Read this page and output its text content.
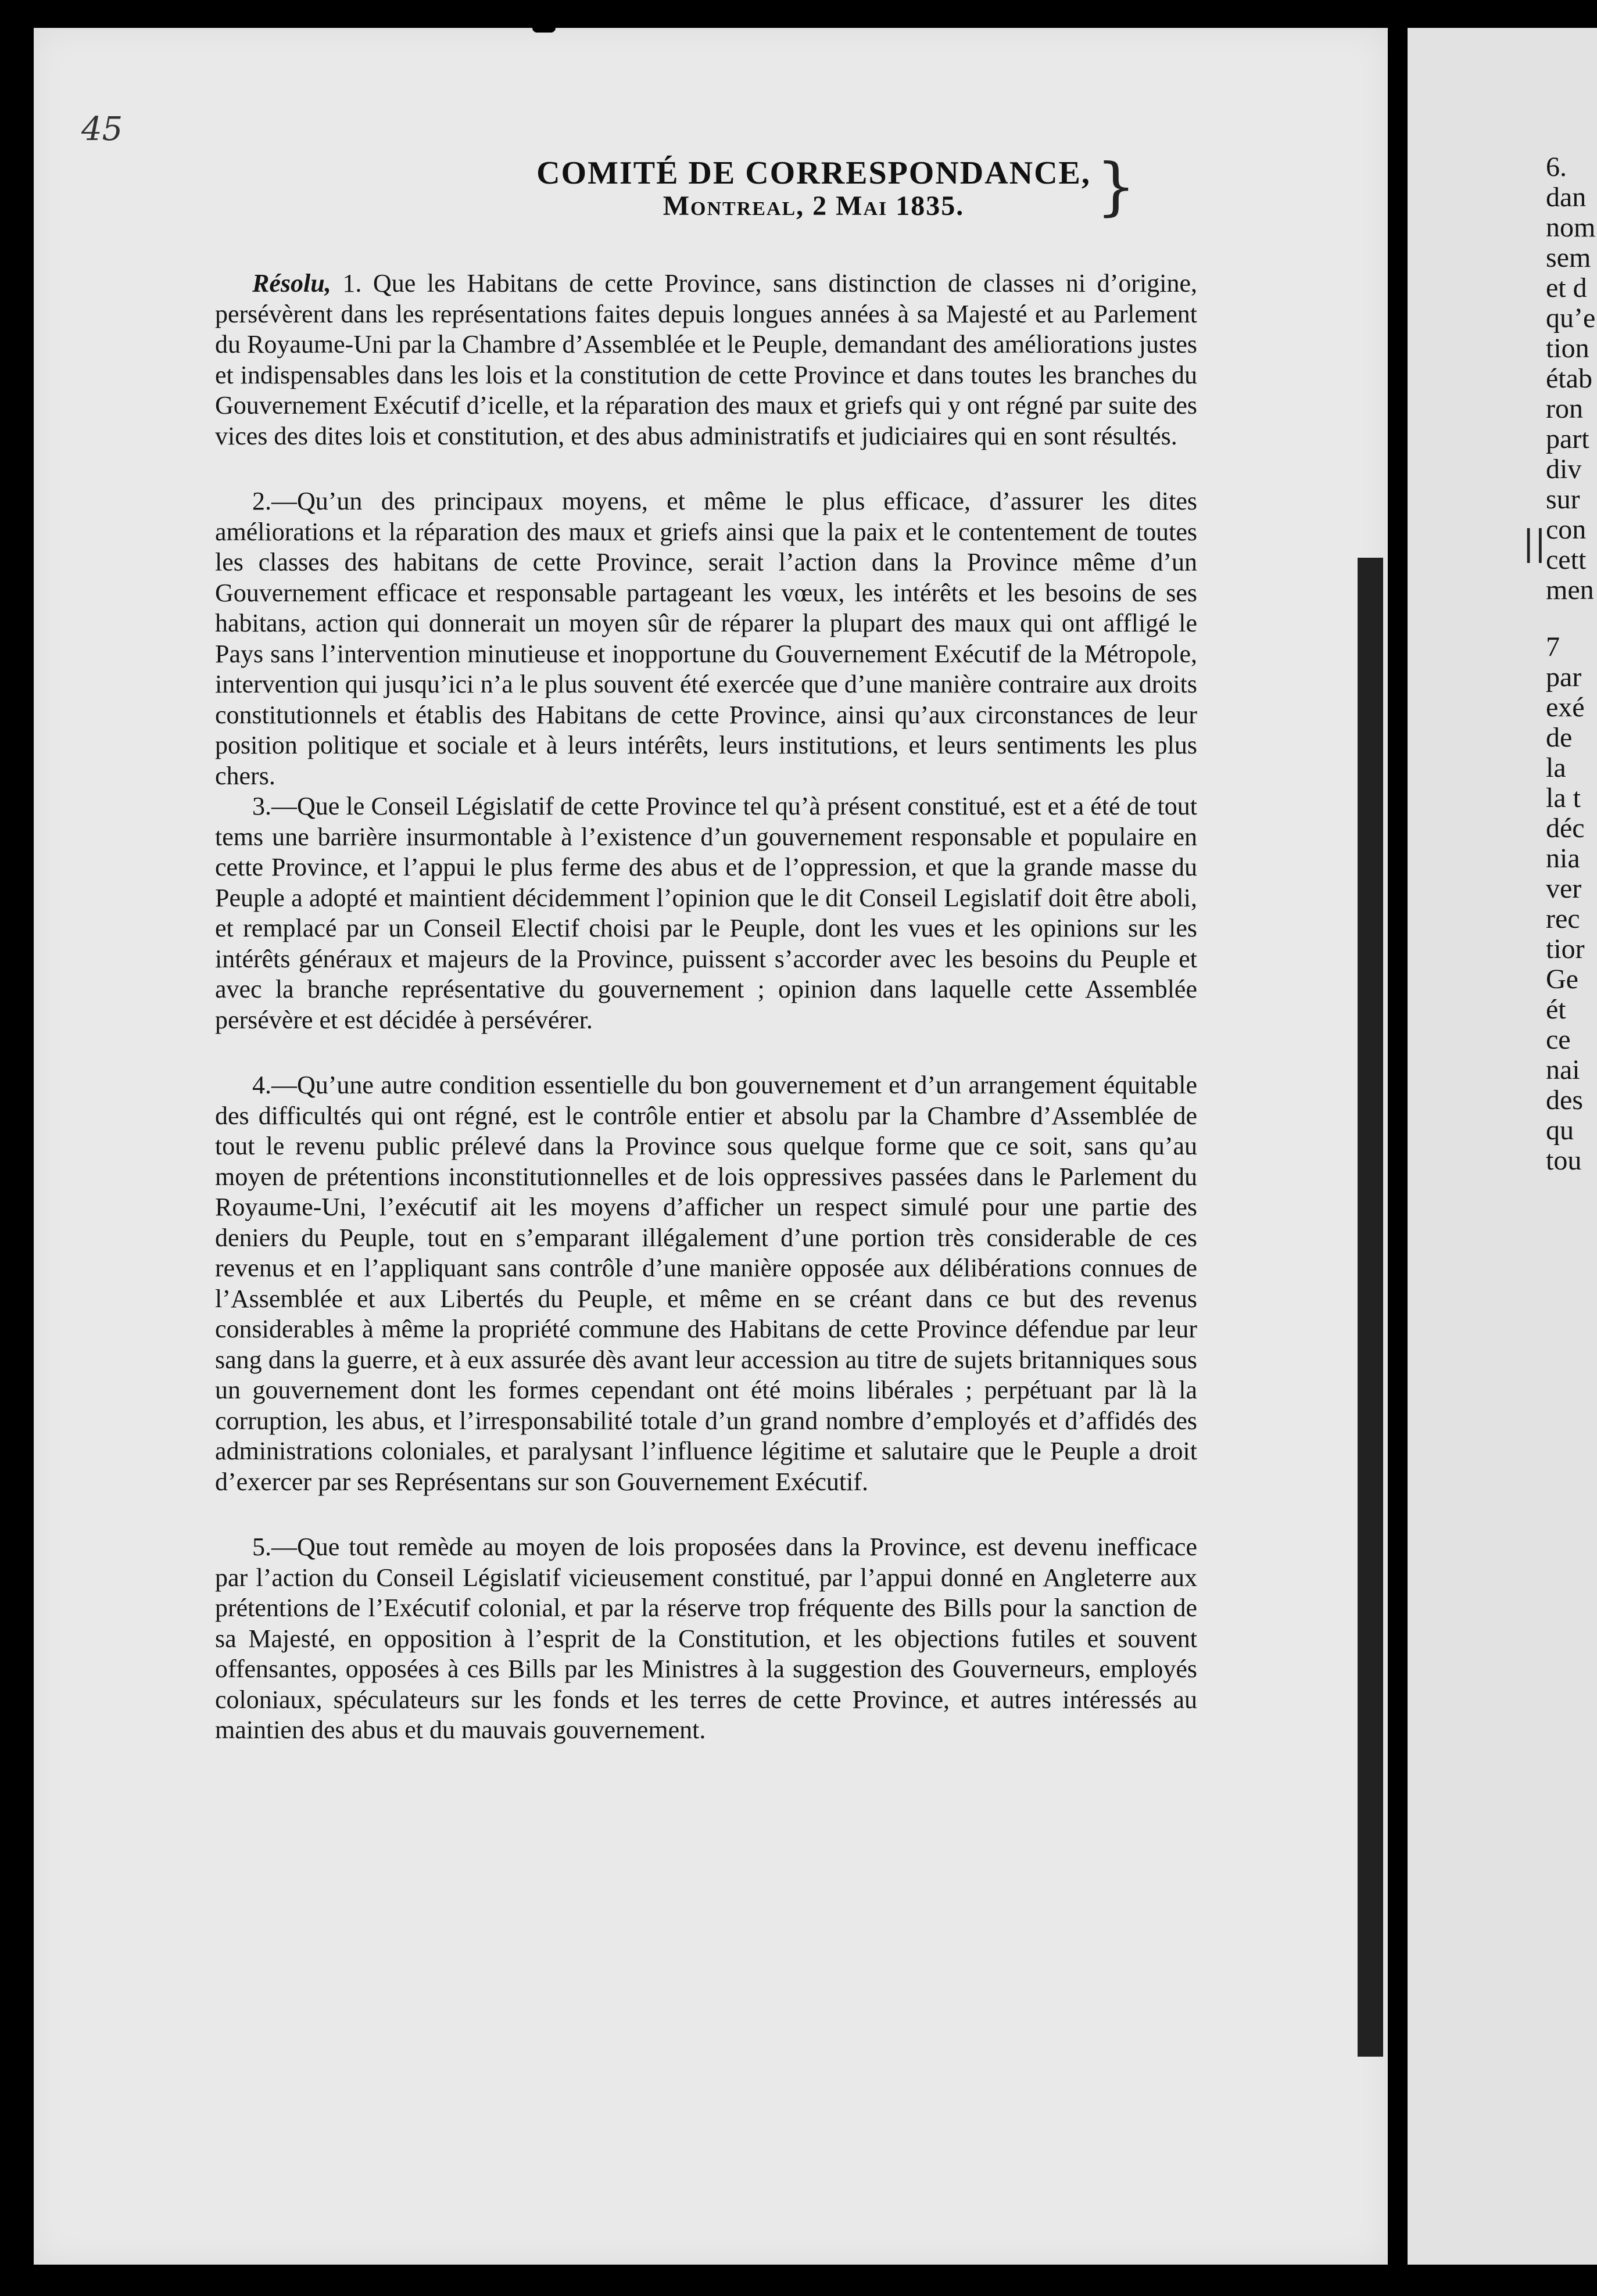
45
COMITÉ DE CORRESPONDANCE,
Montreal, 2 Mai 1835.	}

Résolu, 1. Que les Habitans de cette Province, sans distinction de classes ni d’origine, persévèrent dans les représentations faites depuis longues années à sa Majesté et au Parlement du Royaume-Uni par la Chambre d’Assemblée et le Peuple, demandant des améliorations justes et indispensables dans les lois et la constitution de cette Province et dans toutes les branches du Gouvernement Exécutif d’icelle, et la réparation des maux et griefs qui y ont régné par suite des vices des dites lois et constitution, et des abus administratifs et judiciaires qui en sont résultés.

2.—Qu’un des principaux moyens, et même le plus efficace, d’assurer les dites améliorations et la réparation des maux et griefs ainsi que la paix et le contentement de toutes les classes des habitans de cette Province, serait l’action dans la Province même d’un Gouvernement efficace et responsable partageant les vœux, les intérêts et les besoins de ses habitans, action qui donnerait un moyen sûr de réparer la plupart des maux qui ont affligé le Pays sans l’intervention minutieuse et inopportune du Gouvernement Exécutif de la Métropole, intervention qui jusqu’ici n’a le plus souvent été exercée que d’une manière contraire aux droits constitutionnels et établis des Habitans de cette Province, ainsi qu’aux circonstances de leur position politique et sociale et à leurs intérêts, leurs institutions, et leurs sentiments les plus chers.

3.—Que le Conseil Législatif de cette Province tel qu’à présent constitué, est et a été de tout tems une barrière insurmontable à l’existence d’un gouvernement responsable et populaire en cette Province, et l’appui le plus ferme des abus et de l’oppression, et que la grande masse du Peuple a adopté et maintient décidemment l’opinion que le dit Conseil Legislatif doit être aboli, et remplacé par un Conseil Electif choisi par le Peuple, dont les vues et les opinions sur les intérêts généraux et majeurs de la Province, puissent s’accorder avec les besoins du Peuple et avec la branche représentative du gouvernement ; opinion dans laquelle cette Assemblée persévère et est décidée à persévérer.

4.—Qu’une autre condition essentielle du bon gouvernement et d’un arrangement équitable des difficultés qui ont régné, est le contrôle entier et absolu par la Chambre d’Assemblée de tout le revenu public prélevé dans la Province sous quelque forme que ce soit, sans qu’au moyen de prétentions inconstitutionnelles et de lois oppressives passées dans le Parlement du Royaume-Uni, l’exécutif ait les moyens d’afficher un respect simulé pour une partie des deniers du Peuple, tout en s’emparant illégalement d’une portion très considerable de ces revenus et en l’appliquant sans contrôle d’une manière opposée aux délibérations connues de l’Assemblée et aux Libertés du Peuple, et même en se créant dans ce but des revenus considerables à même la propriété commune des Habitans de cette Province défendue par leur sang dans la guerre, et à eux assurée dès avant leur accession au titre de sujets britanniques sous un gouvernement dont les formes cependant ont été moins libérales ; perpétuant par là la corruption, les abus, et l’irresponsabilité totale d’un grand nombre d’employés et d’affidés des administrations coloniales, et paralysant l’influence légitime et salutaire que le Peuple a droit d’exercer par ses Représentans sur son Gouvernement Exécutif.

5.—Que tout remède au moyen de lois proposées dans la Province, est devenu inefficace par l’action du Conseil Législatif vicieusement constitué, par l’appui donné en Angleterre aux prétentions de l’Exécutif colonial, et par la réserve trop fréquente des Bills pour la sanction de sa Majesté, en opposition à l’esprit de la Constitution, et les objections futiles et souvent offensantes, opposées à ces Bills par les Ministres à la suggestion des Gouverneurs, employés coloniaux, spéculateurs sur les fonds et les terres de cette Province, et autres intéressés au maintien des abus et du mauvais gouvernement.

6.
dan
nom
sem
et d
qu’e
tion
étab
ron
part
div
sur
con
cett
men
||
7
par
exé
de
la
la t
déc
nia
ver
rec
tior
Ge
ét
ce
nai
des
qu
tou
